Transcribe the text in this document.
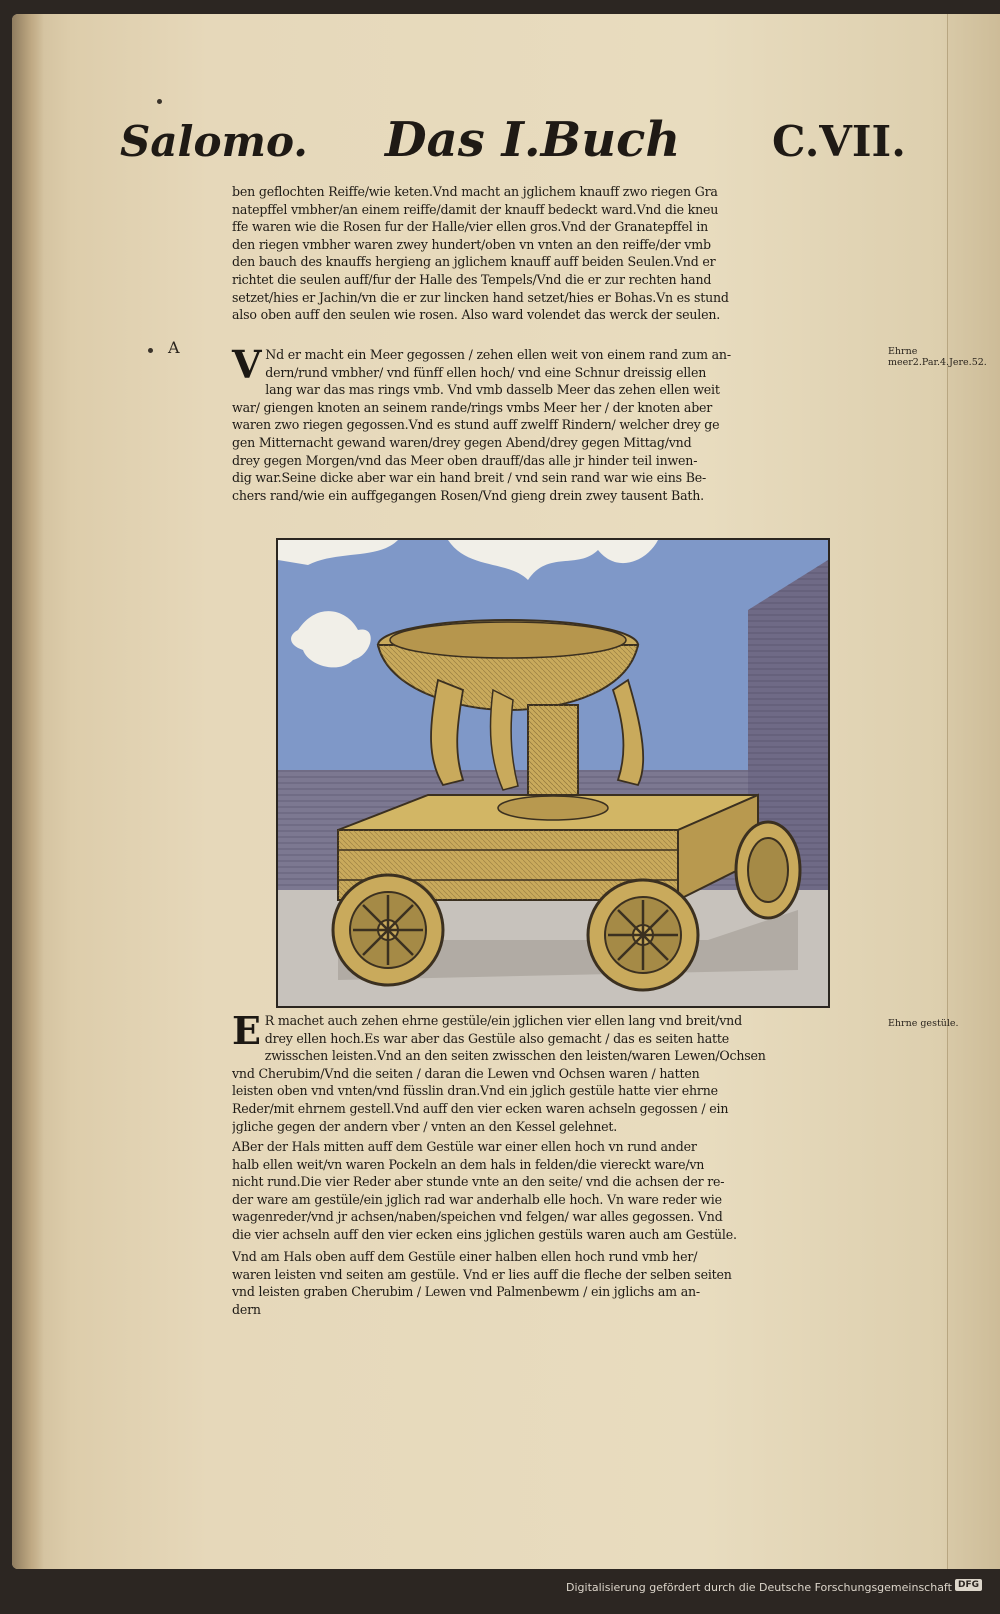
Salomo. Das I.Buch C.VII.
A
ben geflochten Reiffe/wie keten.Vnd macht an jglichem knauff zwo riegen Gra
natepffel vmbher/an einem reiffe/damit der knauff bedeckt ward.Vnd die kneu
ffe waren wie die Rosen fur der Halle/vier ellen gros.Vnd der Granatepffel in
den riegen vmbher waren zwey hundert/oben vn vnten an den reiffe/der vmb
den bauch des knauffs hergieng an jglichem knauff auff beiden Seulen.Vnd er
richtet die seulen auff/fur der Halle des Tempels/Vnd die er zur rechten hand
setzet/hies er Jachin/vn die er zur lincken hand setzet/hies er Bohas.Vn es stund
also oben auff den seulen wie rosen. Also ward volendet das werck der seulen.
V Nd er macht ein Meer gegossen / zehen ellen weit von einem rand zum an-
dern/rund vmbher/ vnd fünff ellen hoch/ vnd eine Schnur dreissig ellen
lang war das mas rings vmb. Vnd vmb dasselb Meer das zehen ellen weit
war/ giengen knoten an seinem rande/rings vmbs Meer her / der knoten aber
waren zwo riegen gegossen.Vnd es stund auff zwelff Rindern/ welcher drey ge
gen Mitternacht gewand waren/drey gegen Abend/drey gegen Mittag/vnd
drey gegen Morgen/vnd das Meer oben drauff/das alle jr hinder teil inwen-
dig war.Seine dicke aber war ein hand breit / vnd sein rand war wie eins Be-
chers rand/wie ein auffgegangen Rosen/Vnd gieng drein zwey tausent Bath.
Ehrne meer2.Par.4.Jere.52.
E R machet auch zehen ehrne gestüle/ein jglichen vier ellen lang vnd breit/vnd
drey ellen hoch.Es war aber das Gestüle also gemacht / das es seiten hatte
zwisschen leisten.Vnd an den seiten zwisschen den leisten/waren Lewen/Ochsen
vnd Cherubim/Vnd die seiten / daran die Lewen vnd Ochsen waren / hatten
leisten oben vnd vnten/vnd füsslin dran.Vnd ein jglich gestüle hatte vier ehrne
Reder/mit ehrnem gestell.Vnd auff den vier ecken waren achseln gegossen / ein
jgliche gegen der andern vber / vnten an den Kessel gelehnet.
Ehrne gestüle.
ABer der Hals mitten auff dem Gestüle war einer ellen hoch vn rund ander
halb ellen weit/vn waren Pockeln an dem hals in felden/die viereckt ware/vn
nicht rund.Die vier Reder aber stunde vnte an den seite/ vnd die achsen der re-
der ware am gestüle/ein jglich rad war anderhalb elle hoch. Vn ware reder wie
wagenreder/vnd jr achsen/naben/speichen vnd felgen/ war alles gegossen. Vnd
die vier achseln auff den vier ecken eins jglichen gestüls waren auch am Gestüle.
Vnd am Hals oben auff dem Gestüle einer halben ellen hoch rund vmb her/
waren leisten vnd seiten am gestüle. Vnd er lies auff die fleche der selben seiten
vnd leisten graben Cherubim / Lewen vnd Palmenbewm / ein jglichs am an-
dern
Digitalisierung gefördert durch die Deutsche Forschungsgemeinschaft DFG
